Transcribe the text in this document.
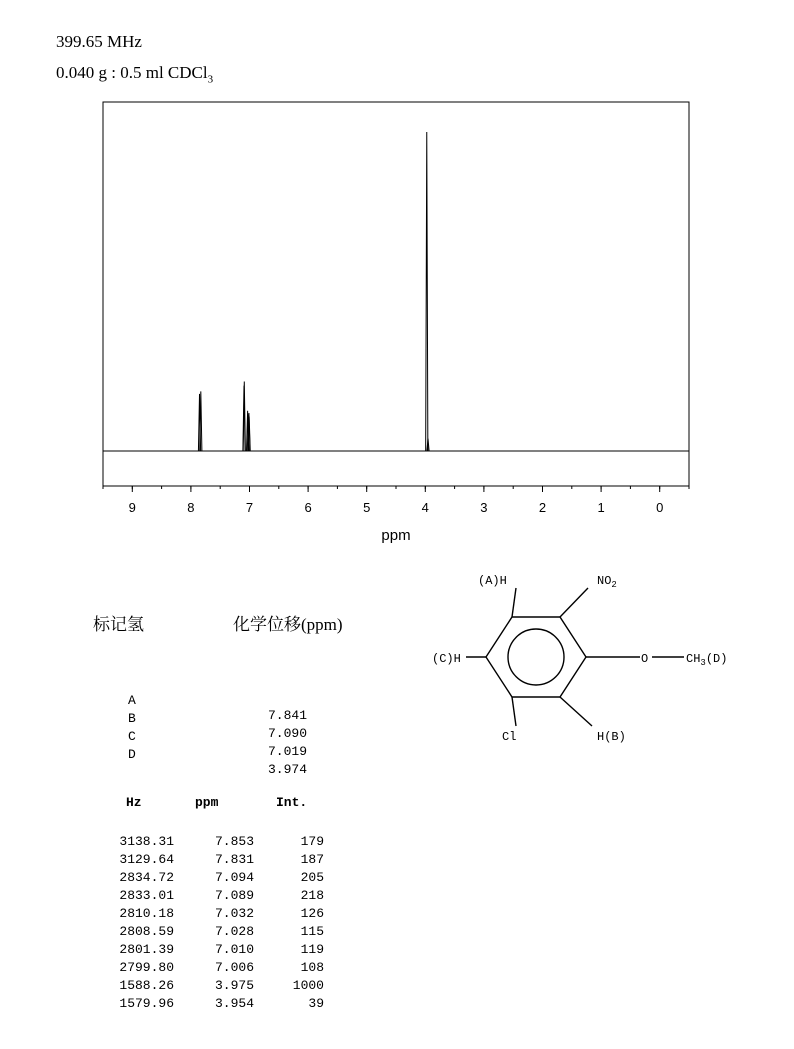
399.65 MHz
0.040 g : 0.5 ml CDCl$_3$
9	8	7	6	5	4	3	2	1	0
ppm
标记氢	化学位移(ppm)

A

7.841

B

7.090

C

7.019

D

3.974

Hz	ppm	Int.
3138.31	7.853	179
3129.64	7.831	187
2834.72	7.094	205
2833.01	7.089	218
2810.18	7.032	126
2808.59	7.028	115
2801.39	7.010	119
2799.80	7.006	108
1588.26	3.975	1000
1579.96	3.954	39
(A)H	$NO_2$
(C)H	O	$CH_3(D)$
Cl	H(B)
